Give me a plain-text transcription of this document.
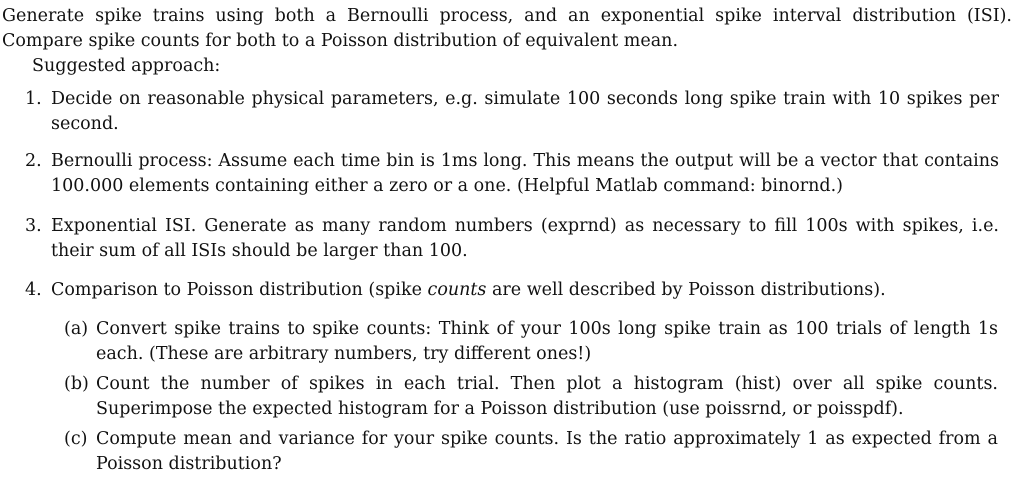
Generate spike trains using both a Bernoulli process, and an exponential spike interval distribution (ISI). Compare spike counts for both to a Poisson distribution of equivalent mean.

Suggested approach:
1. Decide on reasonable physical parameters, e.g. simulate 100 seconds long spike train with 10 spikes per second.
2. Bernoulli process: Assume each time bin is 1ms long. This means the output will be a vector that contains 100.000 elements containing either a zero or a one. (Helpful Matlab command: binornd.)
3. Exponential ISI. Generate as many random numbers (exprnd) as necessary to fill 100s with spikes, i.e. their sum of all ISIs should be larger than 100.
4. Comparison to Poisson distribution (spike counts are well described by Poisson distributions).
(a) Convert spike trains to spike counts: Think of your 100s long spike train as 100 trials of length 1s each. (These are arbitrary numbers, try different ones!)
(b) Count the number of spikes in each trial. Then plot a histogram (hist) over all spike counts. Superimpose the expected histogram for a Poisson distribution (use poissrnd, or poisspdf).
(c) Compute mean and variance for your spike counts. Is the ratio approximately 1 as expected from a Poisson distribution?
